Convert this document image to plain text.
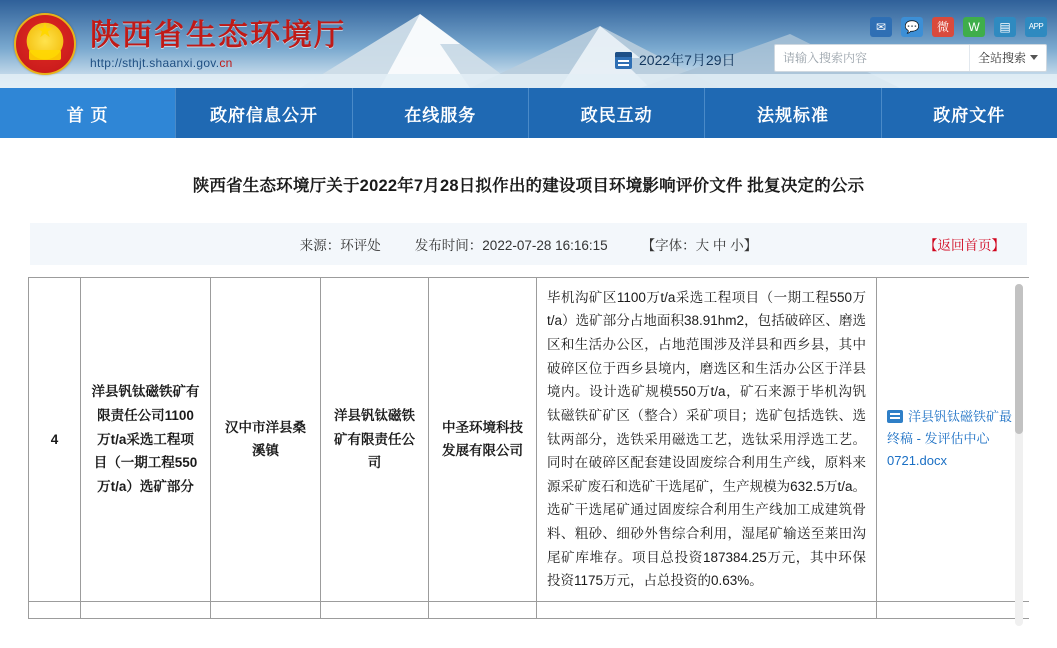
★
陕西省生态环境厅
http://sthjt.shaanxi.gov.cn	2022年7月29日
✉	💬	微	W	▤	APP
请输入搜索内容
全站搜索
首 页	政府信息公开	在线服务	政民互动	法规标准	政府文件
陕西省生态环境厅关于2022年7月28日拟作出的建设项目环境影响评价文件 批复决定的公示
来源：环评处	发布时间：2022-07-28 16:16:15	【字体：大 中 小】	【返回首页】
4	洋县钒钛磁铁矿有限责任公司1100万t/a采选工程项目（一期工程550万t/a）选矿部分	汉中市洋县桑溪镇	洋县钒钛磁铁矿有限责任公司	中圣环境科技发展有限公司	毕机沟矿区1100万t/a采选工程项目（一期工程550万t/a）选矿部分占地面积38.91hm2，包括破碎区、磨选区和生活办公区，占地范围涉及洋县和西乡县，其中破碎区位于西乡县境内，磨选区和生活办公区于洋县境内。设计选矿规模550万t/a，矿石来源于毕机沟钒钛磁铁矿矿区（整合）采矿项目；选矿包括选铁、选钛两部分，选铁采用磁选工艺，选钛采用浮选工艺。同时在破碎区配套建设固废综合利用生产线，原料来源采矿废石和选矿干选尾矿，生产规模为632.5万t/a。选矿干选尾矿通过固废综合利用生产线加工成建筑骨料、粗砂、细砂外售综合利用，湿尾矿输送至莱田沟尾矿库堆存。项目总投资187384.25万元，其中环保投资1175万元，占总投资的0.63%。	洋县钒钛磁铁矿最终稿 - 发评估中心0721.docx
